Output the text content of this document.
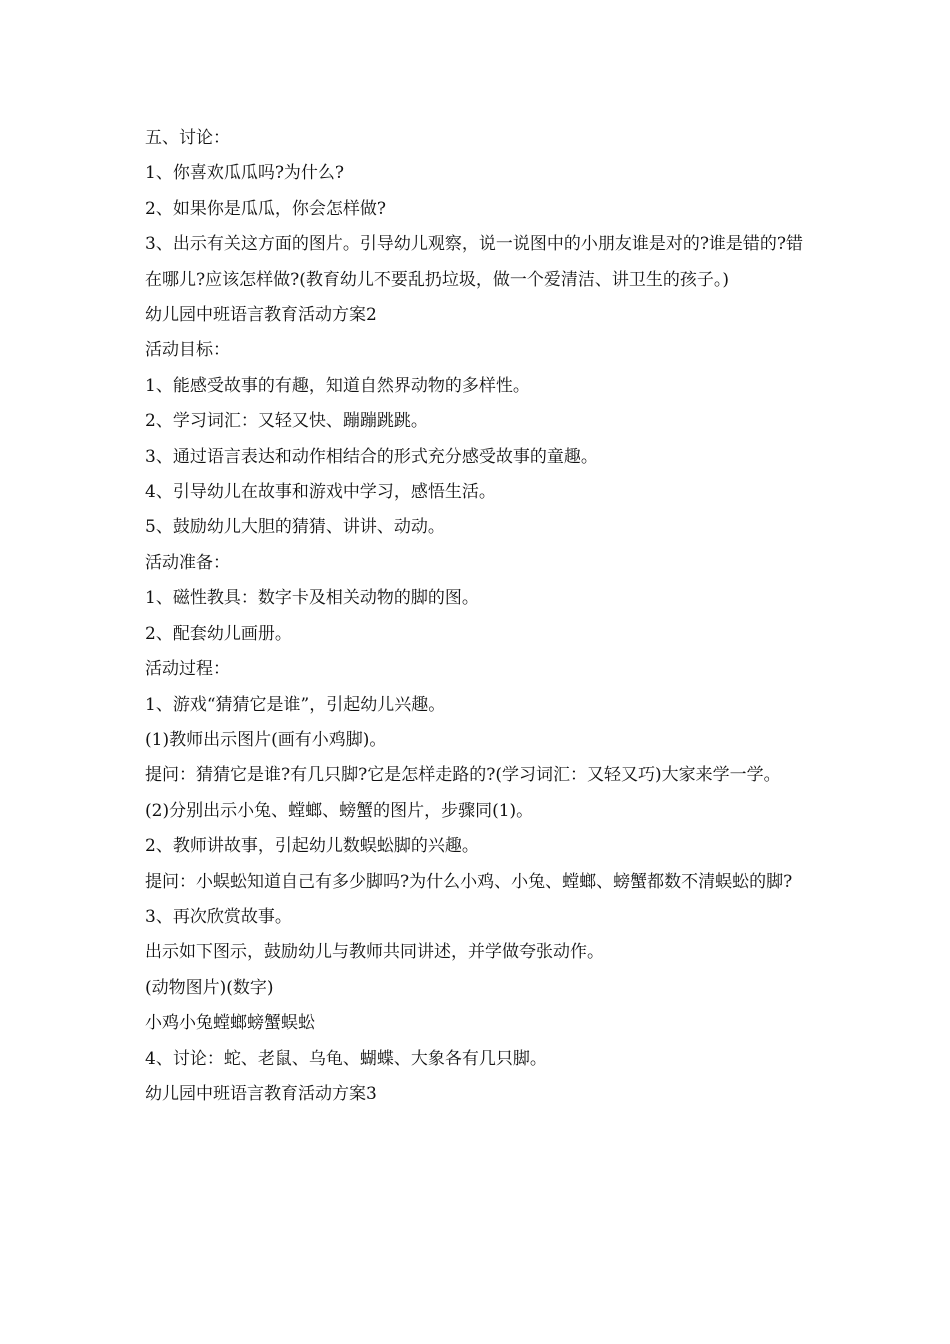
五、讨论：

1、你喜欢瓜瓜吗?为什么?

2、如果你是瓜瓜，你会怎样做?

3、出示有关这方面的图片。引导幼儿观察，说一说图中的小朋友谁是对的?谁是错的?错在哪儿?应该怎样做?(教育幼儿不要乱扔垃圾，做一个爱清洁、讲卫生的孩子。)

幼儿园中班语言教育活动方案2

活动目标：

1、能感受故事的有趣，知道自然界动物的多样性。

2、学习词汇：又轻又快、蹦蹦跳跳。

3、通过语言表达和动作相结合的形式充分感受故事的童趣。

4、引导幼儿在故事和游戏中学习，感悟生活。

5、鼓励幼儿大胆的猜猜、讲讲、动动。

活动准备：

1、磁性教具：数字卡及相关动物的脚的图。

2、配套幼儿画册。

活动过程：

1、游戏“猜猜它是谁”，引起幼儿兴趣。

(1)教师出示图片(画有小鸡脚)。

提问：猜猜它是谁?有几只脚?它是怎样走路的?(学习词汇：又轻又巧)大家来学一学。

(2)分别出示小兔、螳螂、螃蟹的图片，步骤同(1)。

2、教师讲故事，引起幼儿数蜈蚣脚的兴趣。

提问：小蜈蚣知道自己有多少脚吗?为什么小鸡、小兔、螳螂、螃蟹都数不清蜈蚣的脚?

3、再次欣赏故事。

出示如下图示，鼓励幼儿与教师共同讲述，并学做夸张动作。

(动物图片)(数字)

小鸡小兔螳螂螃蟹蜈蚣

4、讨论：蛇、老鼠、乌龟、蝴蝶、大象各有几只脚。

幼儿园中班语言教育活动方案3
